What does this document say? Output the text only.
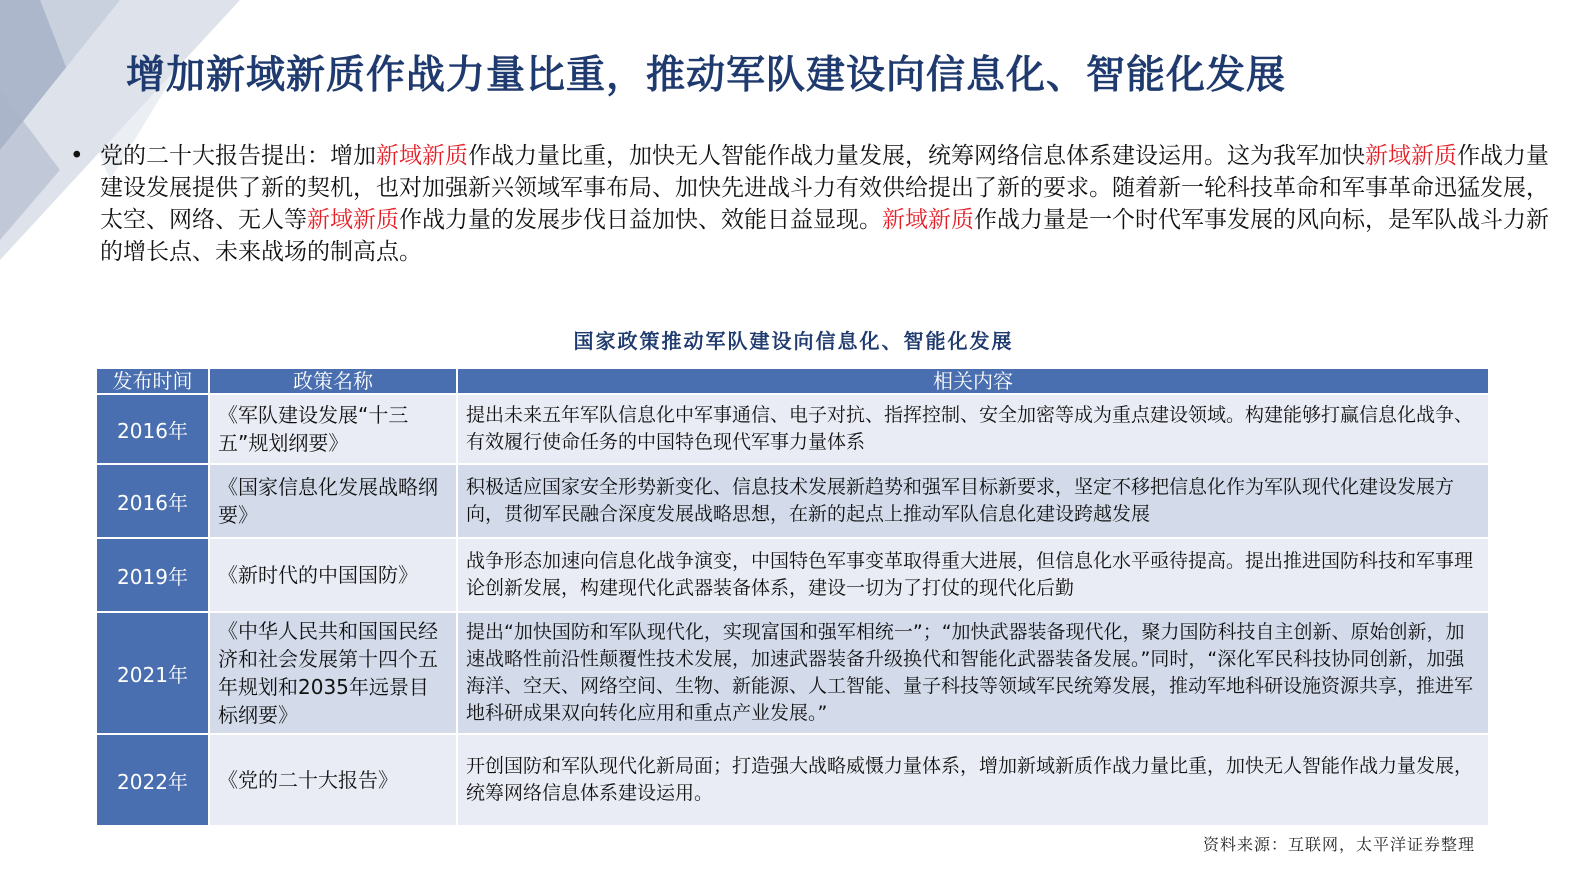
增加新域新质作战力量比重，推动军队建设向信息化、智能化发展
• 党的二十大报告提出：增加新域新质作战力量比重，加快无人智能作战力量发展，统筹网络信息体系建设运用。这为我军加快新域新质作战力量建设发展提供了新的契机，也对加强新兴领域军事布局、加快先进战斗力有效供给提出了新的要求。随着新一轮科技革命和军事革命迅猛发展，太空、网络、无人等新域新质作战力量的发展步伐日益加快、效能日益显现。新域新质作战力量是一个时代军事发展的风向标，是军队战斗力新的增长点、未来战场的制高点。
国家政策推动军队建设向信息化、智能化发展
发布时间	政策名称	相关内容
2016年	《军队建设发展“十三五”规划纲要》	提出未来五年军队信息化中军事通信、电子对抗、指挥控制、安全加密等成为重点建设领域。构建能够打赢信息化战争、有效履行使命任务的中国特色现代军事力量体系
2016年	《国家信息化发展战略纲要》	积极适应国家安全形势新变化、信息技术发展新趋势和强军目标新要求，坚定不移把信息化作为军队现代化建设发展方向，贯彻军民融合深度发展战略思想，在新的起点上推动军队信息化建设跨越发展
2019年	《新时代的中国国防》	战争形态加速向信息化战争演变，中国特色军事变革取得重大进展，但信息化水平亟待提高。提出推进国防科技和军事理论创新发展，构建现代化武器装备体系，建设一切为了打仗的现代化后勤
2021年	《中华人民共和国国民经济和社会发展第十四个五年规划和2035年远景目标纲要》	提出“加快国防和军队现代化，实现富国和强军相统一”；“加快武器装备现代化，聚力国防科技自主创新、原始创新，加速战略性前沿性颠覆性技术发展，加速武器装备升级换代和智能化武器装备发展。”同时，“深化军民科技协同创新，加强海洋、空天、网络空间、生物、新能源、人工智能、量子科技等领域军民统筹发展，推动军地科研设施资源共享，推进军地科研成果双向转化应用和重点产业发展。”
2022年	《党的二十大报告》	开创国防和军队现代化新局面；打造强大战略威慑力量体系，增加新域新质作战力量比重，加快无人智能作战力量发展，统筹网络信息体系建设运用。
资料来源：互联网，太平洋证券整理
